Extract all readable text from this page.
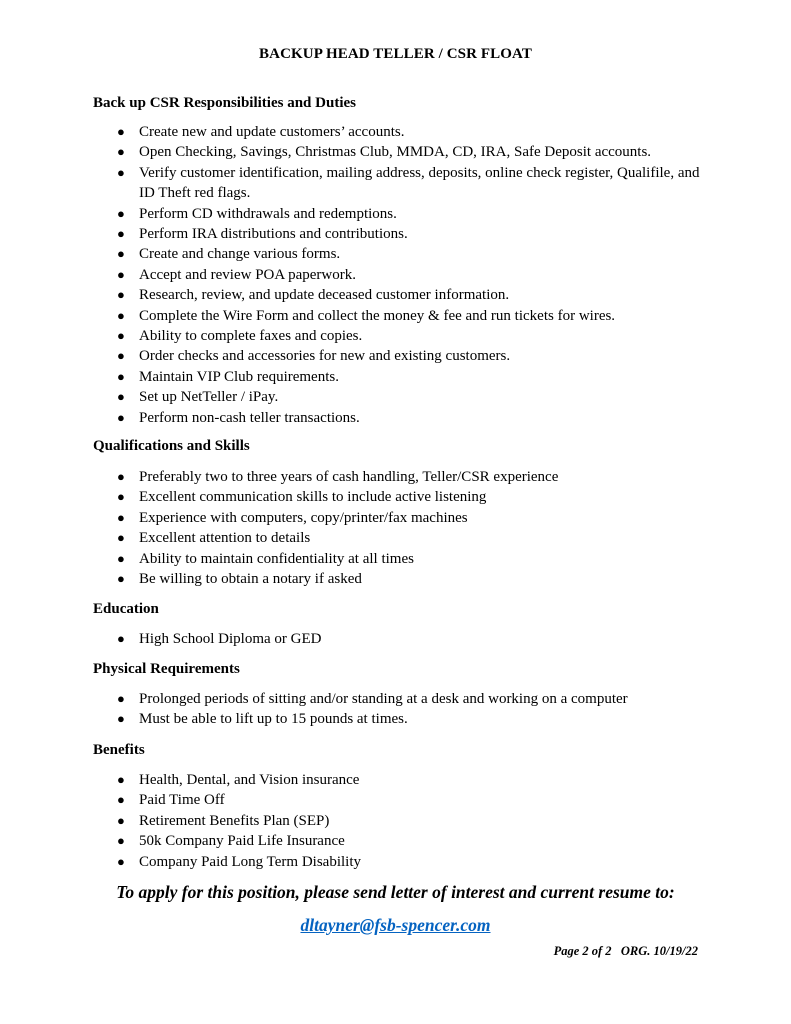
BACKUP HEAD TELLER / CSR FLOAT

Back up CSR Responsibilities and Duties

● Create new and update customers’ accounts.
● Open Checking, Savings, Christmas Club, MMDA, CD, IRA, Safe Deposit accounts.
● Verify customer identification, mailing address, deposits, online check register, Qualifile, and ID Theft red flags.
● Perform CD withdrawals and redemptions.
● Perform IRA distributions and contributions.
● Create and change various forms.
● Accept and review POA paperwork.
● Research, review, and update deceased customer information.
● Complete the Wire Form and collect the money & fee and run tickets for wires.
● Ability to complete faxes and copies.
● Order checks and accessories for new and existing customers.
● Maintain VIP Club requirements.
● Set up NetTeller / iPay.
● Perform non-cash teller transactions.

Qualifications and Skills

● Preferably two to three years of cash handling, Teller/CSR experience
● Excellent communication skills to include active listening
● Experience with computers, copy/printer/fax machines
● Excellent attention to details
● Ability to maintain confidentiality at all times
● Be willing to obtain a notary if asked

Education

● High School Diploma or GED

Physical Requirements

● Prolonged periods of sitting and/or standing at a desk and working on a computer
● Must be able to lift up to 15 pounds at times.

Benefits

● Health, Dental, and Vision insurance
● Paid Time Off
● Retirement Benefits Plan (SEP)
● 50k Company Paid Life Insurance
● Company Paid Long Term Disability
To apply for this position, please send letter of interest and current resume to:
dltayner@fsb-spencer.com
Page 2 of 2   ORG. 10/19/22
